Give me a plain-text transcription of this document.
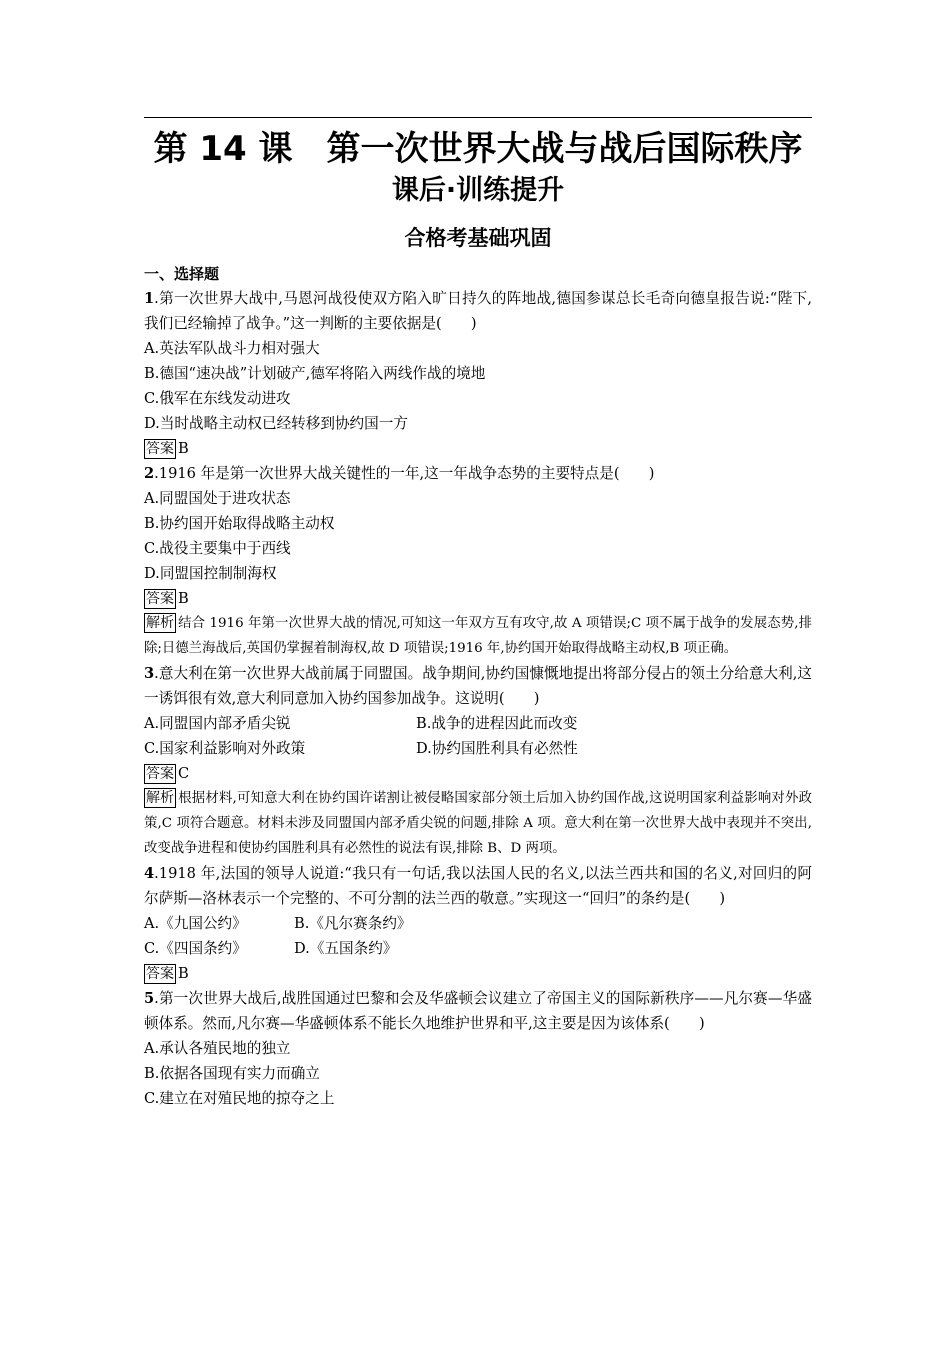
第 14 课　第一次世界大战与战后国际秩序
课后·训练提升
合格考基础巩固
一、选择题
1.第一次世界大战中,马恩河战役使双方陷入旷日持久的阵地战,德国参谋总长毛奇向德皇报告说:“陛下,我们已经输掉了战争。”这一判断的主要依据是(　　)
A.英法军队战斗力相对强大
B.德国“速决战”计划破产,德军将陷入两线作战的境地
C.俄军在东线发动进攻
D.当时战略主动权已经转移到协约国一方
答案 B
2.1916 年是第一次世界大战关键性的一年,这一年战争态势的主要特点是(　　)
A.同盟国处于进攻状态
B.协约国开始取得战略主动权
C.战役主要集中于西线
D.同盟国控制制海权
答案 B
解析 结合 1916 年第一次世界大战的情况,可知这一年双方互有攻守,故 A 项错误;C 项不属于战争的发展态势,排除;日德兰海战后,英国仍掌握着制海权,故 D 项错误;1916 年,协约国开始取得战略主动权,B 项正确。
3.意大利在第一次世界大战前属于同盟国。战争期间,协约国慷慨地提出将部分侵占的领土分给意大利,这一诱饵很有效,意大利同意加入协约国参加战争。这说明(　　)
A.同盟国内部矛盾尖锐	B.战争的进程因此而改变
C.国家利益影响对外政策	D.协约国胜利具有必然性
答案 C
解析 根据材料,可知意大利在协约国许诺割让被侵略国家部分领土后加入协约国作战,这说明国家利益影响对外政策,C 项符合题意。材料未涉及同盟国内部矛盾尖锐的问题,排除 A 项。意大利在第一次世界大战中表现并不突出,改变战争进程和使协约国胜利具有必然性的说法有误,排除 B、D 两项。
4.1918 年,法国的领导人说道:“我只有一句话,我以法国人民的名义,以法兰西共和国的名义,对回归的阿尔萨斯—洛林表示一个完整的、不可分割的法兰西的敬意。”实现这一“回归”的条约是(　　)
A.《九国公约》	B.《凡尔赛条约》
C.《四国条约》	D.《五国条约》
答案 B
5.第一次世界大战后,战胜国通过巴黎和会及华盛顿会议建立了帝国主义的国际新秩序——凡尔赛—华盛顿体系。然而,凡尔赛—华盛顿体系不能长久地维护世界和平,这主要是因为该体系(　　)
A.承认各殖民地的独立
B.依据各国现有实力而确立
C.建立在对殖民地的掠夺之上
